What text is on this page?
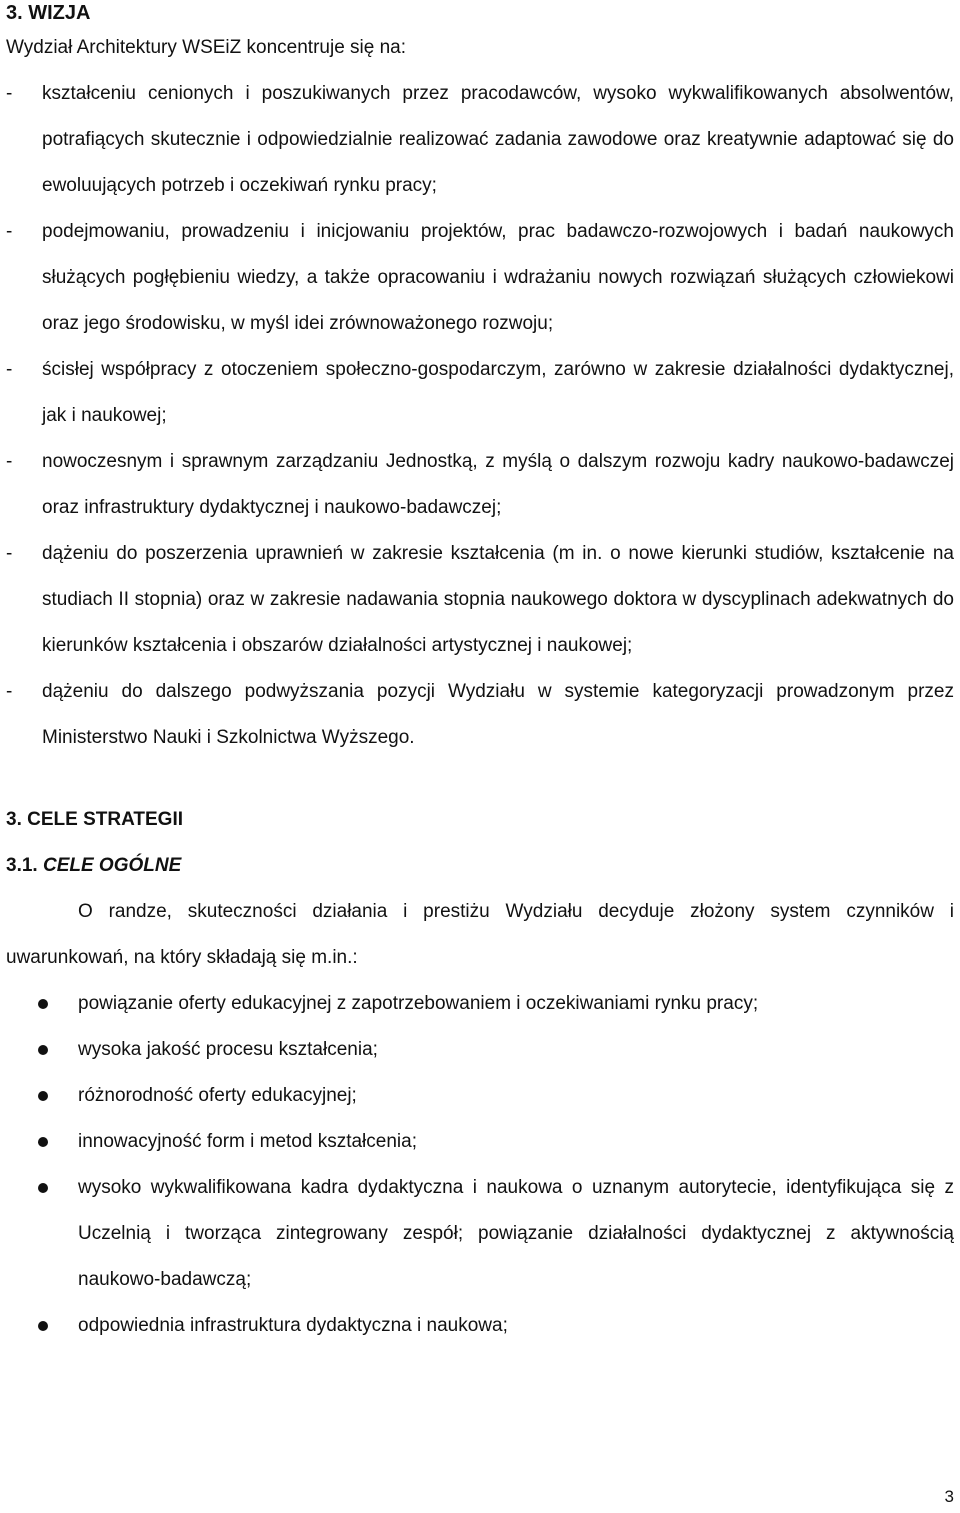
3. WIZJA

Wydział Architektury WSEiZ koncentruje się na:

- kształceniu cenionych i poszukiwanych przez pracodawców, wysoko wykwalifikowanych absolwentów, potrafiących skutecznie i odpowiedzialnie realizować zadania zawodowe oraz kreatywnie adaptować się do ewoluujących potrzeb i oczekiwań rynku pracy;
- podejmowaniu, prowadzeniu i inicjowaniu projektów, prac badawczo-rozwojowych i badań naukowych służących pogłębieniu wiedzy, a także opracowaniu i wdrażaniu nowych rozwiązań służących człowiekowi oraz jego środowisku, w myśl idei zrównoważonego rozwoju;
- ścisłej współpracy z otoczeniem społeczno-gospodarczym, zarówno w zakresie działalności dydaktycznej, jak i naukowej;
- nowoczesnym i sprawnym zarządzaniu Jednostką, z myślą o dalszym rozwoju kadry naukowo-badawczej oraz infrastruktury dydaktycznej i naukowo-badawczej;
- dążeniu do poszerzenia uprawnień w zakresie kształcenia (m in. o nowe kierunki studiów, kształcenie na studiach II stopnia) oraz w zakresie nadawania stopnia naukowego doktora w dyscyplinach adekwatnych do kierunków kształcenia i obszarów działalności artystycznej i naukowej;
- dążeniu do dalszego podwyższania pozycji Wydziału w systemie kategoryzacji prowadzonym przez Ministerstwo Nauki i Szkolnictwa Wyższego.
3. CELE STRATEGII
3.1. CELE OGÓLNE

O randze, skuteczności działania i prestiżu Wydziału decyduje złożony system czynników i uwarunkowań, na który składają się m.in.:

powiązanie oferty edukacyjnej z zapotrzebowaniem i oczekiwaniami rynku pracy;
wysoka jakość procesu kształcenia;
różnorodność oferty edukacyjnej;
innowacyjność form i metod kształcenia;
wysoko wykwalifikowana kadra dydaktyczna i naukowa o uznanym autorytecie, identyfikująca się z Uczelnią i tworząca zintegrowany zespół; powiązanie działalności dydaktycznej z aktywnością naukowo-badawczą;
odpowiednia infrastruktura dydaktyczna i naukowa;
3
